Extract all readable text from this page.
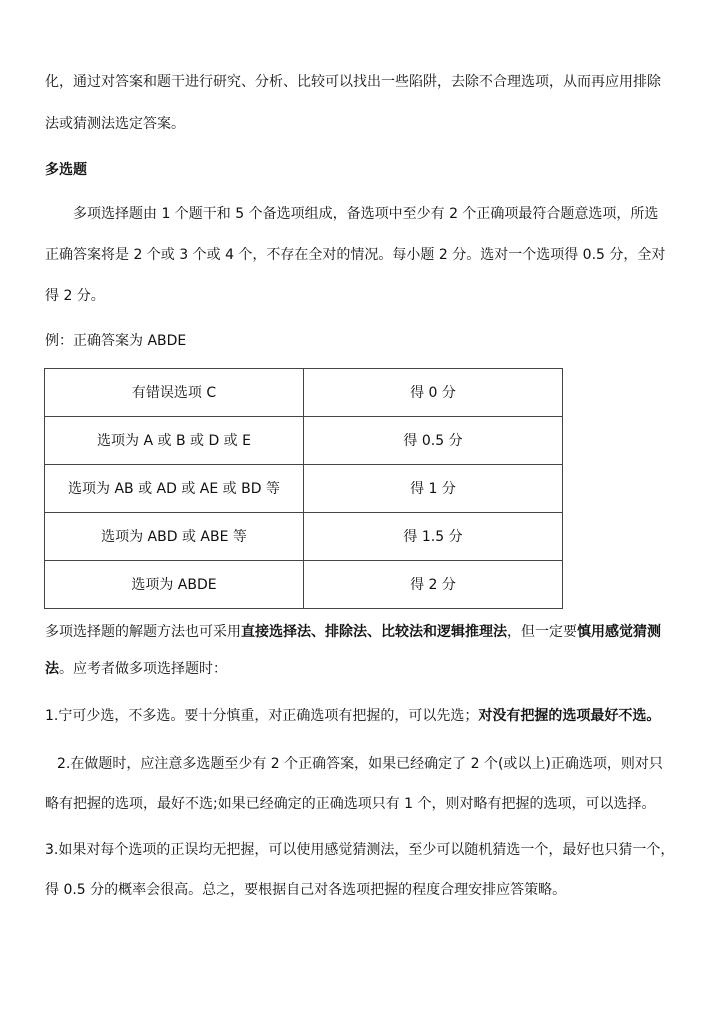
化，通过对答案和题干进行研究、分析、比较可以找出一些陷阱，去除不合理选项，从而再应用排除
法或猜测法选定答案。
多选题
多项选择题由 1 个题干和 5 个备选项组成，备选项中至少有 2 个正确项最符合题意选项，所选
正确答案将是 2 个或 3 个或 4 个，不存在全对的情况。每小题 2 分。选对一个选项得 0.5 分，全对
得 2 分。
例：正确答案为 ABDE
有错误选项 C	得 0 分
选项为 A 或 B 或 D 或 E	得 0.5 分
选项为 AB 或 AD 或 AE 或 BD 等	得 1 分
选项为 ABD 或 ABE 等	得 1.5 分
选项为 ABDE	得 2 分
多项选择题的解题方法也可采用直接选择法、排除法、比较法和逻辑推理法，但一定要慎用感觉猜测
法。应考者做多项选择题时：
1.宁可少选，不多选。要十分慎重，对正确选项有把握的，可以先选；对没有把握的选项最好不选。
2.在做题时，应注意多选题至少有 2 个正确答案，如果已经确定了 2 个(或以上)正确选项，则对只
略有把握的选项，最好不选;如果已经确定的正确选项只有 1 个，则对略有把握的选项，可以选择。
3.如果对每个选项的正误均无把握，可以使用感觉猜测法，至少可以随机猜选一个，最好也只猜一个，
得 0.5 分的概率会很高。总之，要根据自己对各选项把握的程度合理安排应答策略。
